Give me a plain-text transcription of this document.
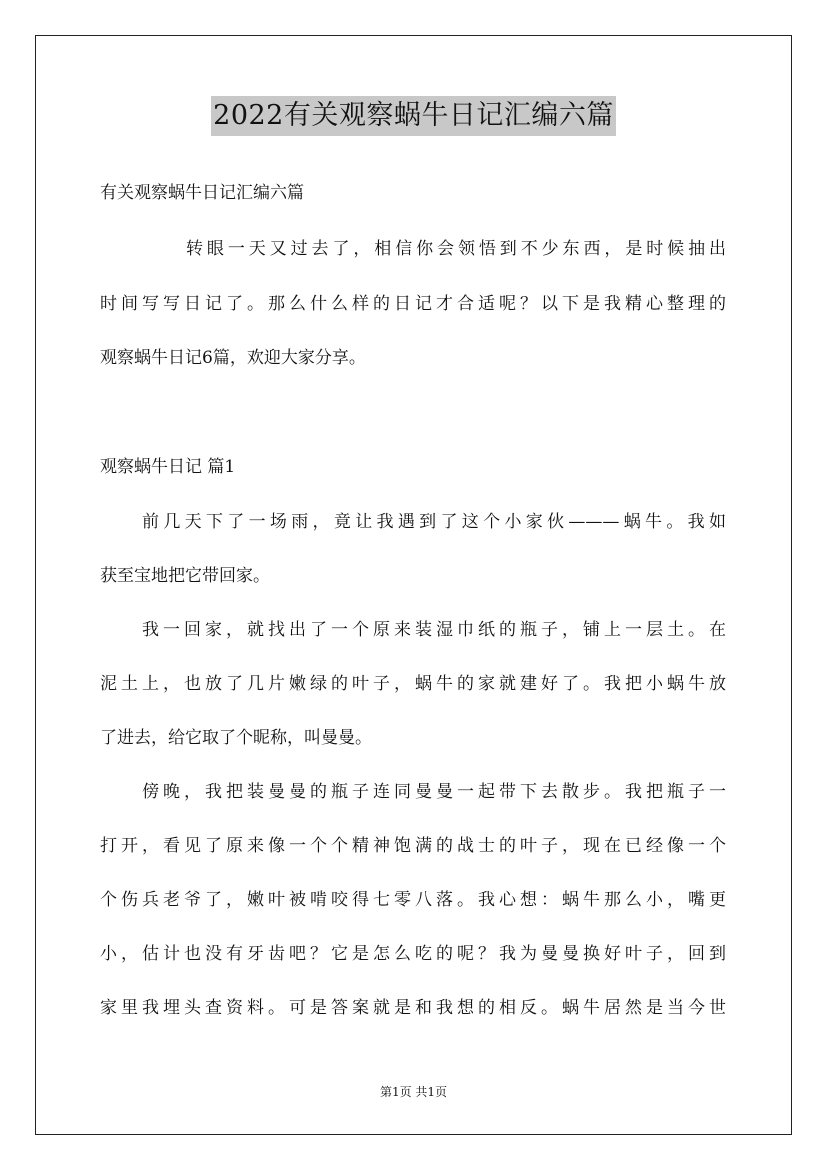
2022有关观察蜗牛日记汇编六篇
有关观察蜗牛日记汇编六篇
转眼一天又过去了，相信你会领悟到不少东西，是时候抽出
时间写写日记了。那么什么样的日记才合适呢？以下是我精心整理的
观察蜗牛日记6篇，欢迎大家分享。
观察蜗牛日记 篇1
前几天下了一场雨，竟让我遇到了这个小家伙———蜗牛。我如
获至宝地把它带回家。
我一回家，就找出了一个原来装湿巾纸的瓶子，铺上一层土。在
泥土上，也放了几片嫩绿的叶子，蜗牛的家就建好了。我把小蜗牛放
了进去，给它取了个昵称，叫曼曼。
傍晚，我把装曼曼的瓶子连同曼曼一起带下去散步。我把瓶子一
打开，看见了原来像一个个精神饱满的战士的叶子，现在已经像一个
个伤兵老爷了，嫩叶被啃咬得七零八落。我心想：蜗牛那么小，嘴更
小，估计也没有牙齿吧？它是怎么吃的呢？我为曼曼换好叶子，回到
家里我埋头查资料。可是答案就是和我想的相反。蜗牛居然是当今世
第1页 共1页
